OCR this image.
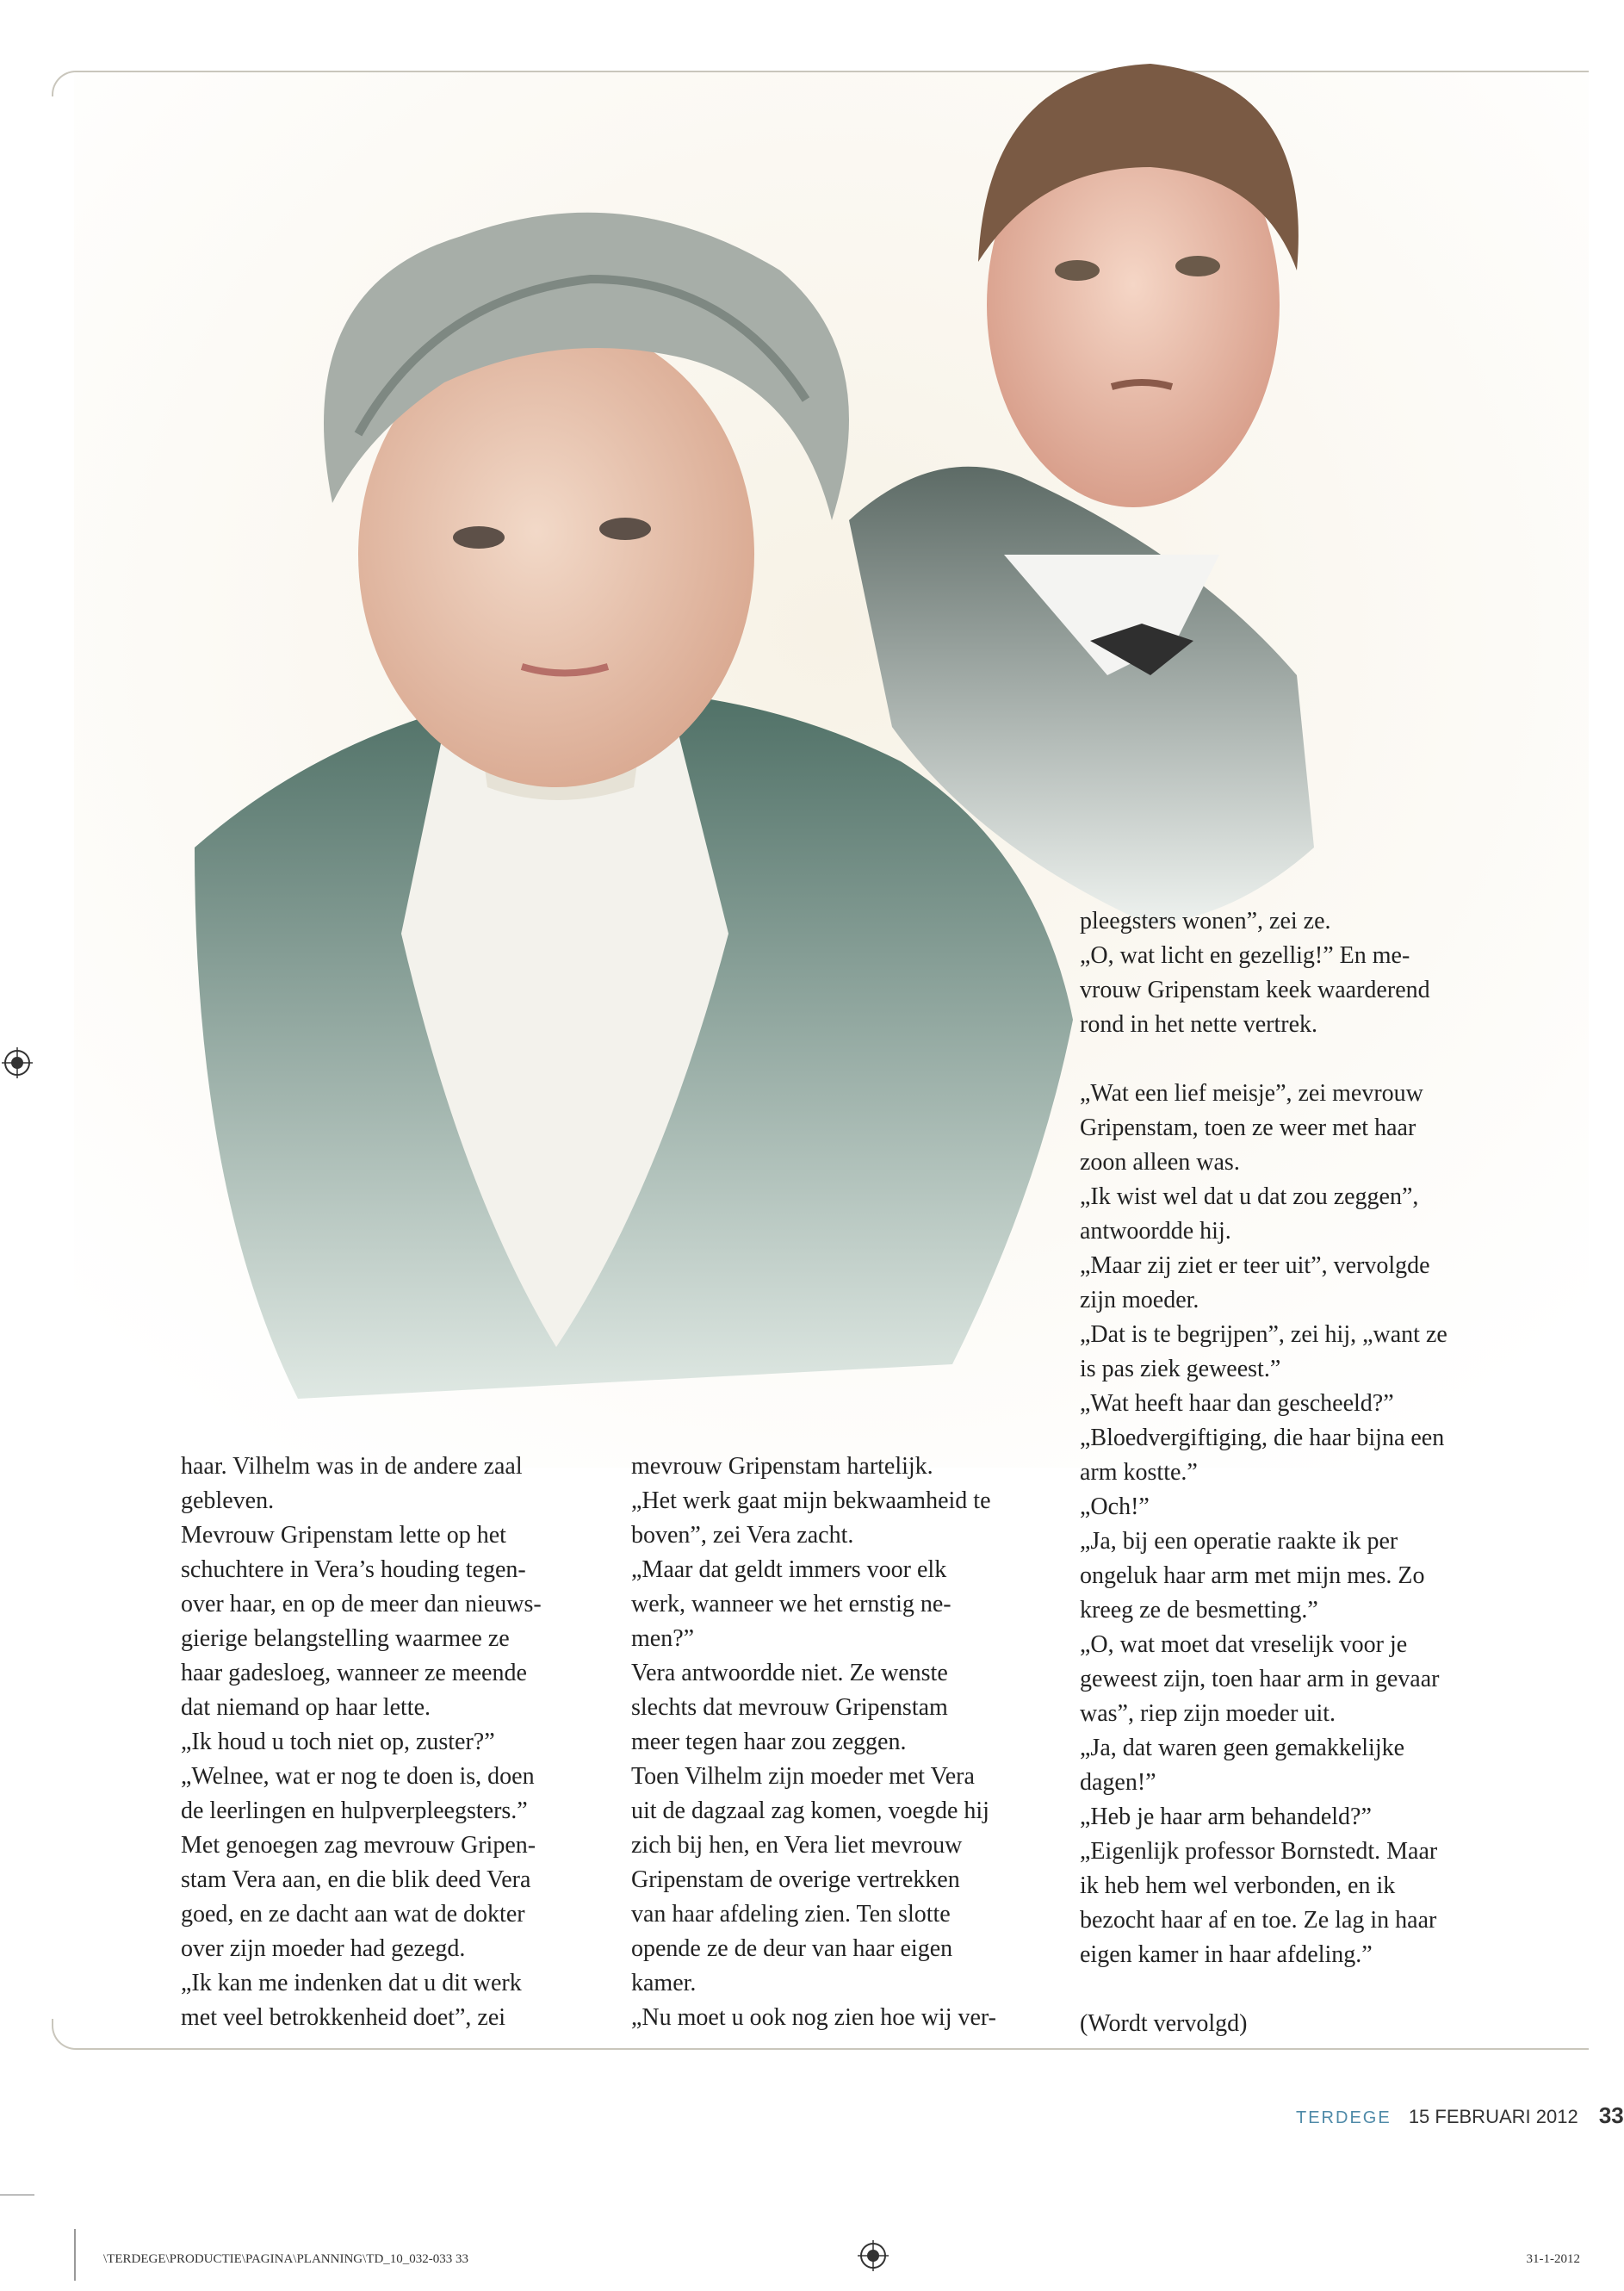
haar. Vilhelm was in de andere zaal
gebleven.

Mevrouw Gripenstam lette op het
schuchtere in Vera’s houding tegen-
over haar, en op de meer dan nieuws-
gierige belangstelling waarmee ze
haar gadesloeg, wanneer ze meende
dat niemand op haar lette.

„Ik houd u toch niet op, zuster?”

„Welnee, wat er nog te doen is, doen
de leerlingen en hulpverpleegsters.”

Met genoegen zag mevrouw Gripen-
stam Vera aan, en die blik deed Vera
goed, en ze dacht aan wat de dokter
over zijn moeder had gezegd.

„Ik kan me indenken dat u dit werk
met veel betrokkenheid doet”, zei

mevrouw Gripenstam hartelijk.

„Het werk gaat mijn bekwaamheid te
boven”, zei Vera zacht.

„Maar dat geldt immers voor elk
werk, wanneer we het ernstig ne-
men?”

Vera antwoordde niet. Ze wenste
slechts dat mevrouw Gripenstam
meer tegen haar zou zeggen.

Toen Vilhelm zijn moeder met Vera
uit de dagzaal zag komen, voegde hij
zich bij hen, en Vera liet mevrouw
Gripenstam de overige vertrekken
van haar afdeling zien. Ten slotte
opende ze de deur van haar eigen
kamer.

„Nu moet u ook nog zien hoe wij ver-

pleegsters wonen”, zei ze.

„O, wat licht en gezellig!” En me-
vrouw Gripenstam keek waarderend
rond in het nette vertrek.

„Wat een lief meisje”, zei mevrouw
Gripenstam, toen ze weer met haar
zoon alleen was.

„Ik wist wel dat u dat zou zeggen”,
antwoordde hij.

„Maar zij ziet er teer uit”, vervolgde
zijn moeder.

„Dat is te begrijpen”, zei hij, „want ze
is pas ziek geweest.”

„Wat heeft haar dan gescheeld?”

„Bloedvergiftiging, die haar bijna een
arm kostte.”

„Och!”

„Ja, bij een operatie raakte ik per
ongeluk haar arm met mijn mes. Zo
kreeg ze de besmetting.”

„O, wat moet dat vreselijk voor je
geweest zijn, toen haar arm in gevaar
was”, riep zijn moeder uit.

„Ja, dat waren geen gemakkelijke
dagen!”

„Heb je haar arm behandeld?”

„Eigenlijk professor Bornstedt. Maar
ik heb hem wel verbonden, en ik
bezocht haar af en toe. Ze lag in haar
eigen kamer in haar afdeling.”

(Wordt vervolgd)

TERDEGE 15 FEBRUARI 2012 33
\TERDEGE\PRODUCTIE\PAGINA\PLANNING\TD_10_032-033 33	31-1-2012
